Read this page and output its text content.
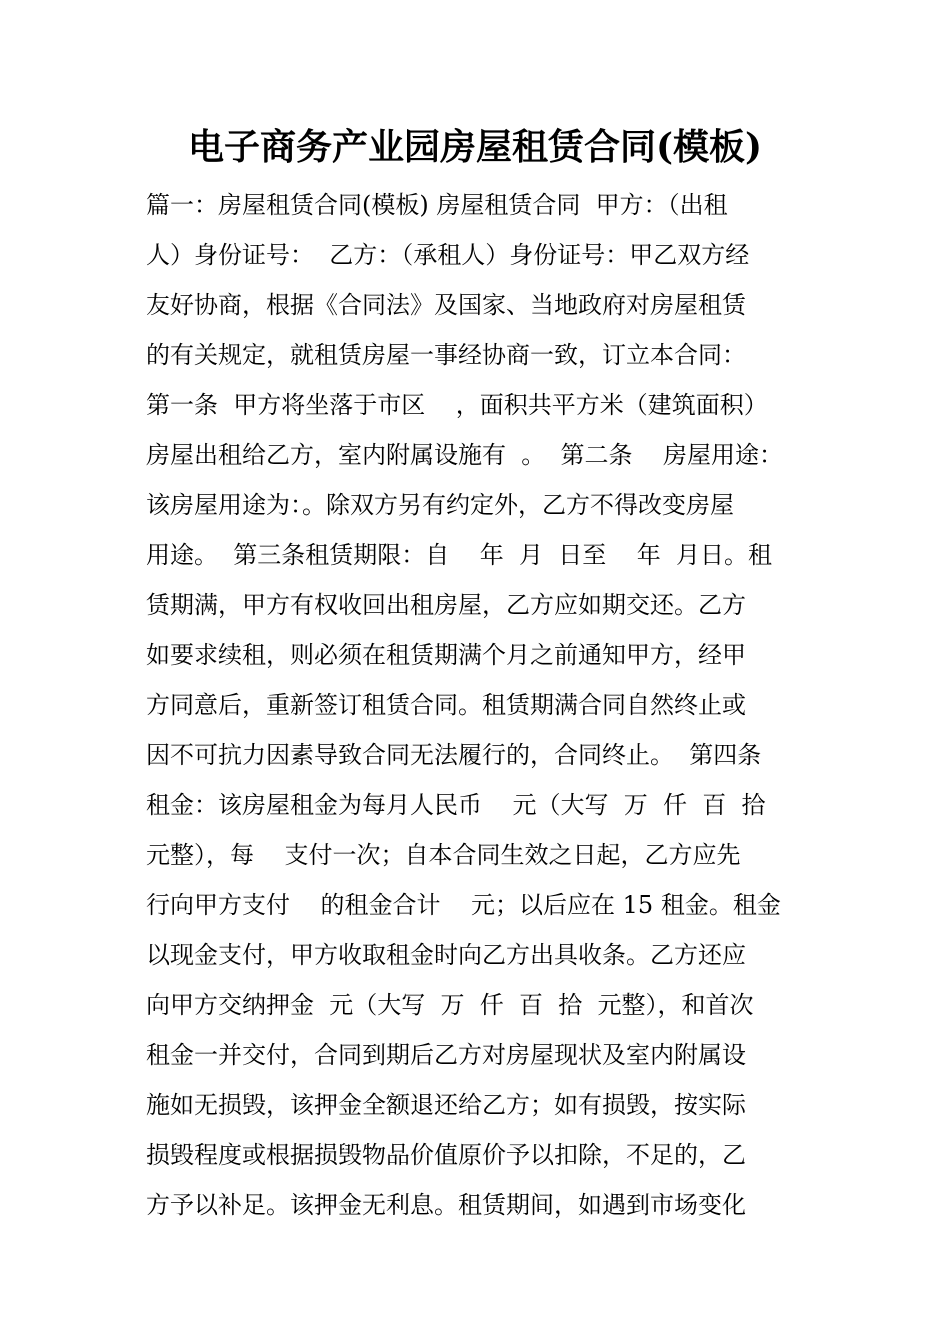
电子商务产业园房屋租赁合同(模板)
篇一：房屋租赁合同(模板) 房屋租赁合同  甲方：（出租
人）身份证号：  乙方：（承租人）身份证号：甲乙双方经
友好协商，根据《合同法》及国家、当地政府对房屋租赁
的有关规定，就租赁房屋一事经协商一致，订立本合同：
第一条  甲方将坐落于市区    ，面积共平方米（建筑面积）
房屋出租给乙方，室内附属设施有  。  第二条    房屋用途：
该房屋用途为：。除双方另有约定外，乙方不得改变房屋
用途。  第三条租赁期限：自    年  月  日至    年  月日。租
赁期满，甲方有权收回出租房屋，乙方应如期交还。乙方
如要求续租，则必须在租赁期满个月之前通知甲方，经甲
方同意后，重新签订租赁合同。租赁期满合同自然终止或
因不可抗力因素导致合同无法履行的，合同终止。  第四条
租金：该房屋租金为每月人民币    元（大写  万  仟  百  拾
元整），每    支付一次；自本合同生效之日起，乙方应先
行向甲方支付    的租金合计    元；以后应在 15 租金。租金
以现金支付，甲方收取租金时向乙方出具收条。乙方还应
向甲方交纳押金  元（大写  万  仟  百  拾  元整），和首次
租金一并交付，合同到期后乙方对房屋现状及室内附属设
施如无损毁，该押金全额退还给乙方；如有损毁，按实际
损毁程度或根据损毁物品价值原价予以扣除，不足的，乙
方予以补足。该押金无利息。租赁期间，如遇到市场变化
